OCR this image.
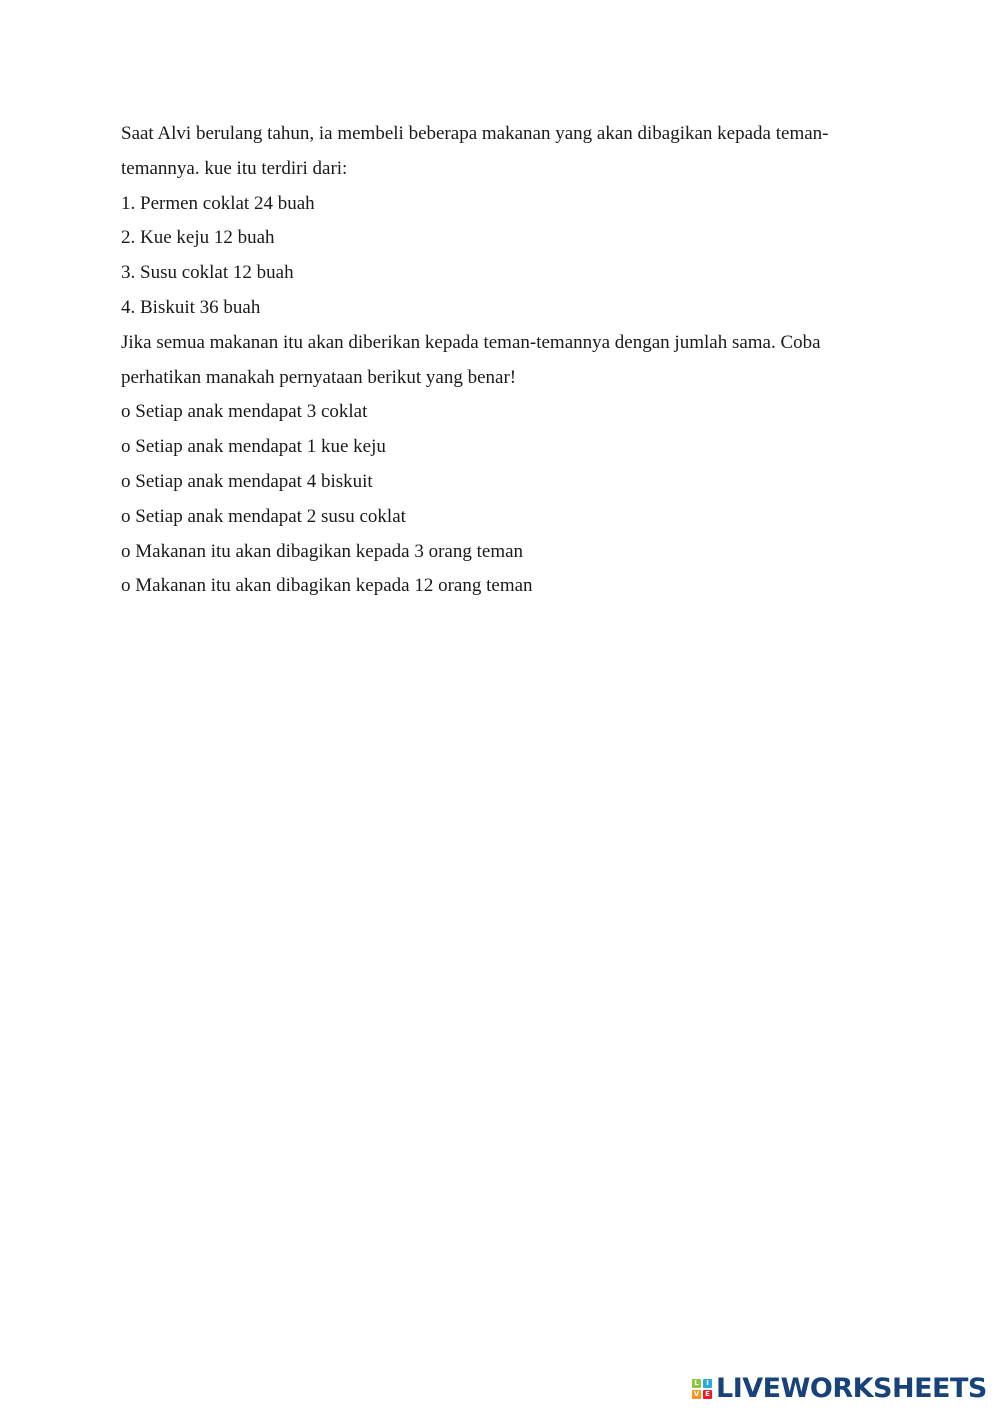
Saat Alvi berulang tahun, ia membeli beberapa makanan yang akan dibagikan kepada teman-

temannya. kue itu terdiri dari:

1. Permen coklat 24 buah

2. Kue keju 12 buah

3. Susu coklat 12 buah

4. Biskuit 36 buah

Jika semua makanan itu akan diberikan kepada teman-temannya dengan jumlah sama. Coba

perhatikan manakah pernyataan berikut yang benar!

o Setiap anak mendapat 3 coklat

o Setiap anak mendapat 1 kue keju

o Setiap anak mendapat 4 biskuit

o Setiap anak mendapat 2 susu coklat

o Makanan itu akan dibagikan kepada 3 orang teman

o Makanan itu akan dibagikan kepada 12 orang teman

L	I
V E LIVEWORKSHEETS
